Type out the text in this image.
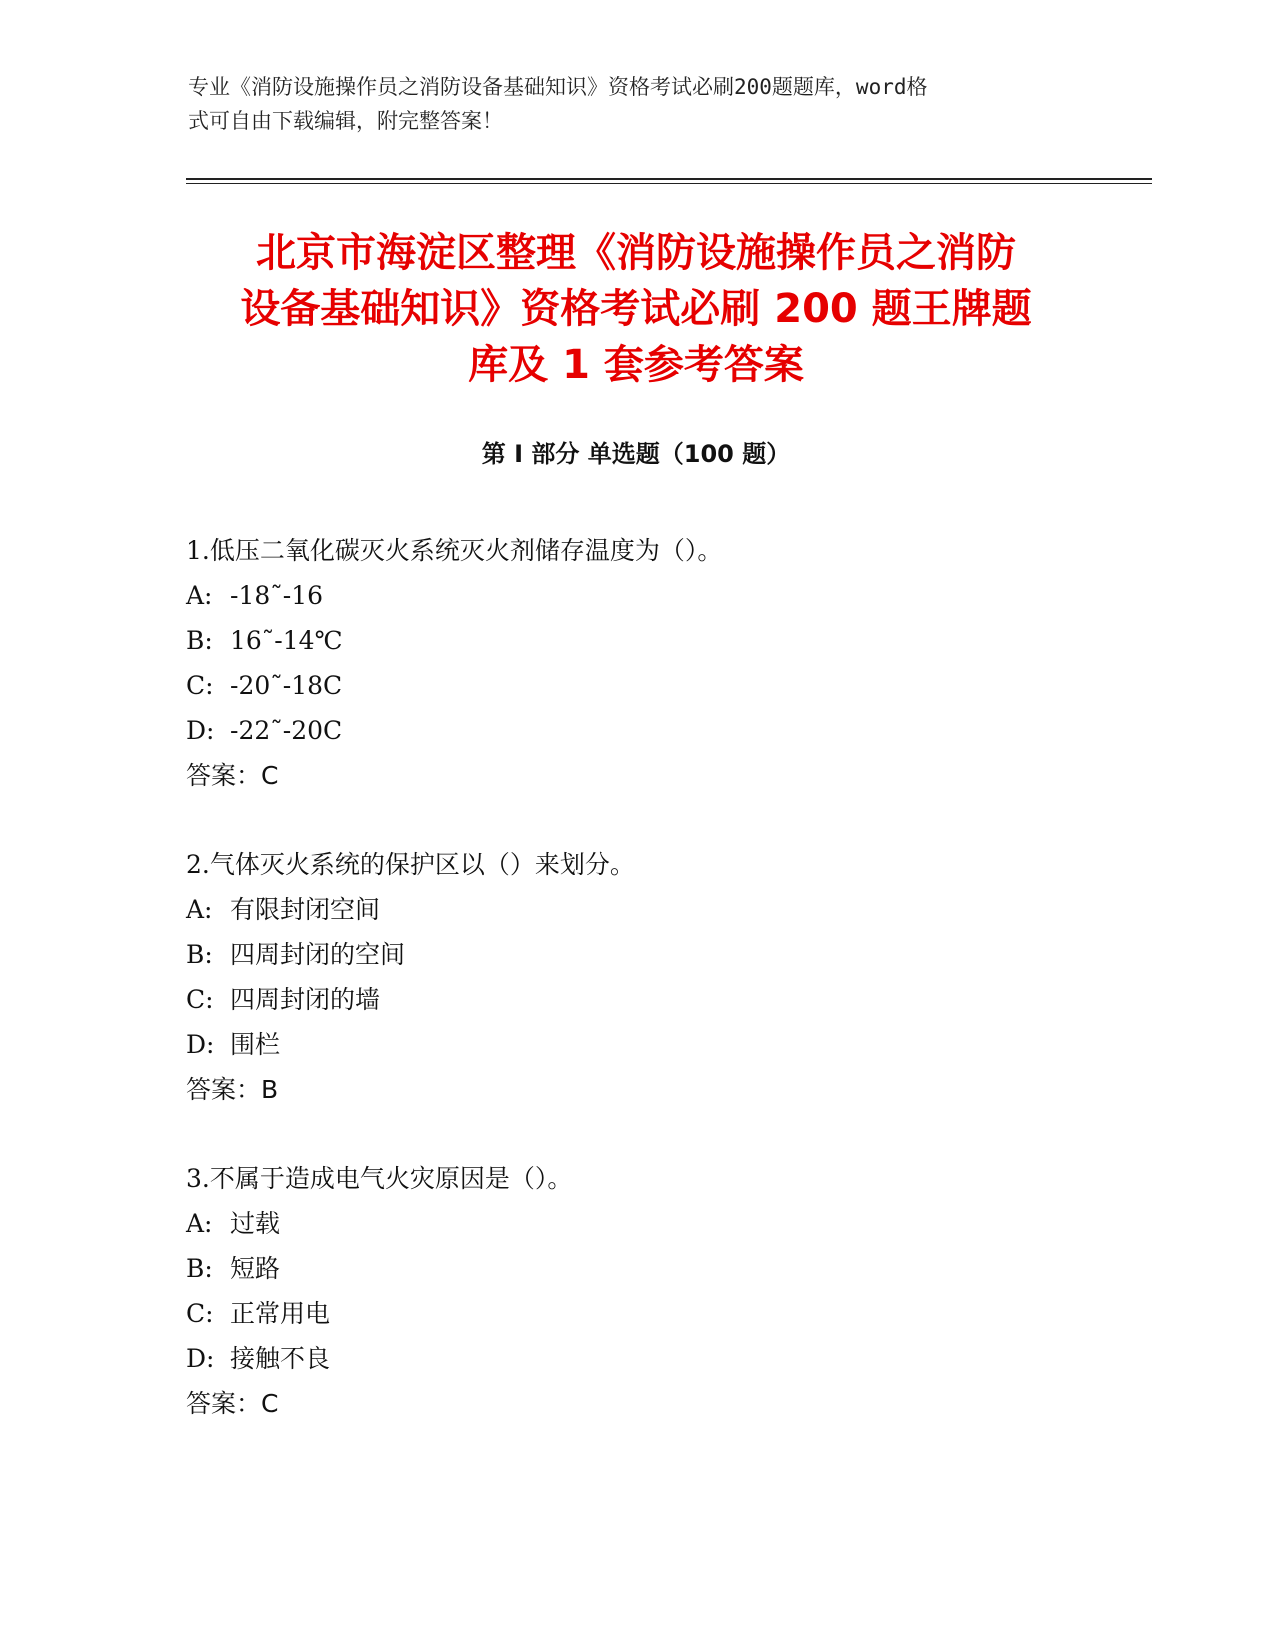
专业《消防设施操作员之消防设备基础知识》资格考试必刷200题题库，word格
式可自由下载编辑，附完整答案！
北京市海淀区整理《消防设施操作员之消防
设备基础知识》资格考试必刷 200 题王牌题
库及 1 套参考答案
第 I 部分 单选题（100 题）
1.低压二氧化碳灭火系统灭火剂储存温度为（）。
A: -18˜-16
B: 16˜-14℃
C: -20˜-18C
D: -22˜-20C
答案：C
2.气体灭火系统的保护区以（）来划分。
A: 有限封闭空间
B: 四周封闭的空间
C: 四周封闭的墙
D: 围栏
答案：B
3.不属于造成电气火灾原因是（）。
A: 过载
B: 短路
C: 正常用电
D: 接触不良
答案：C
